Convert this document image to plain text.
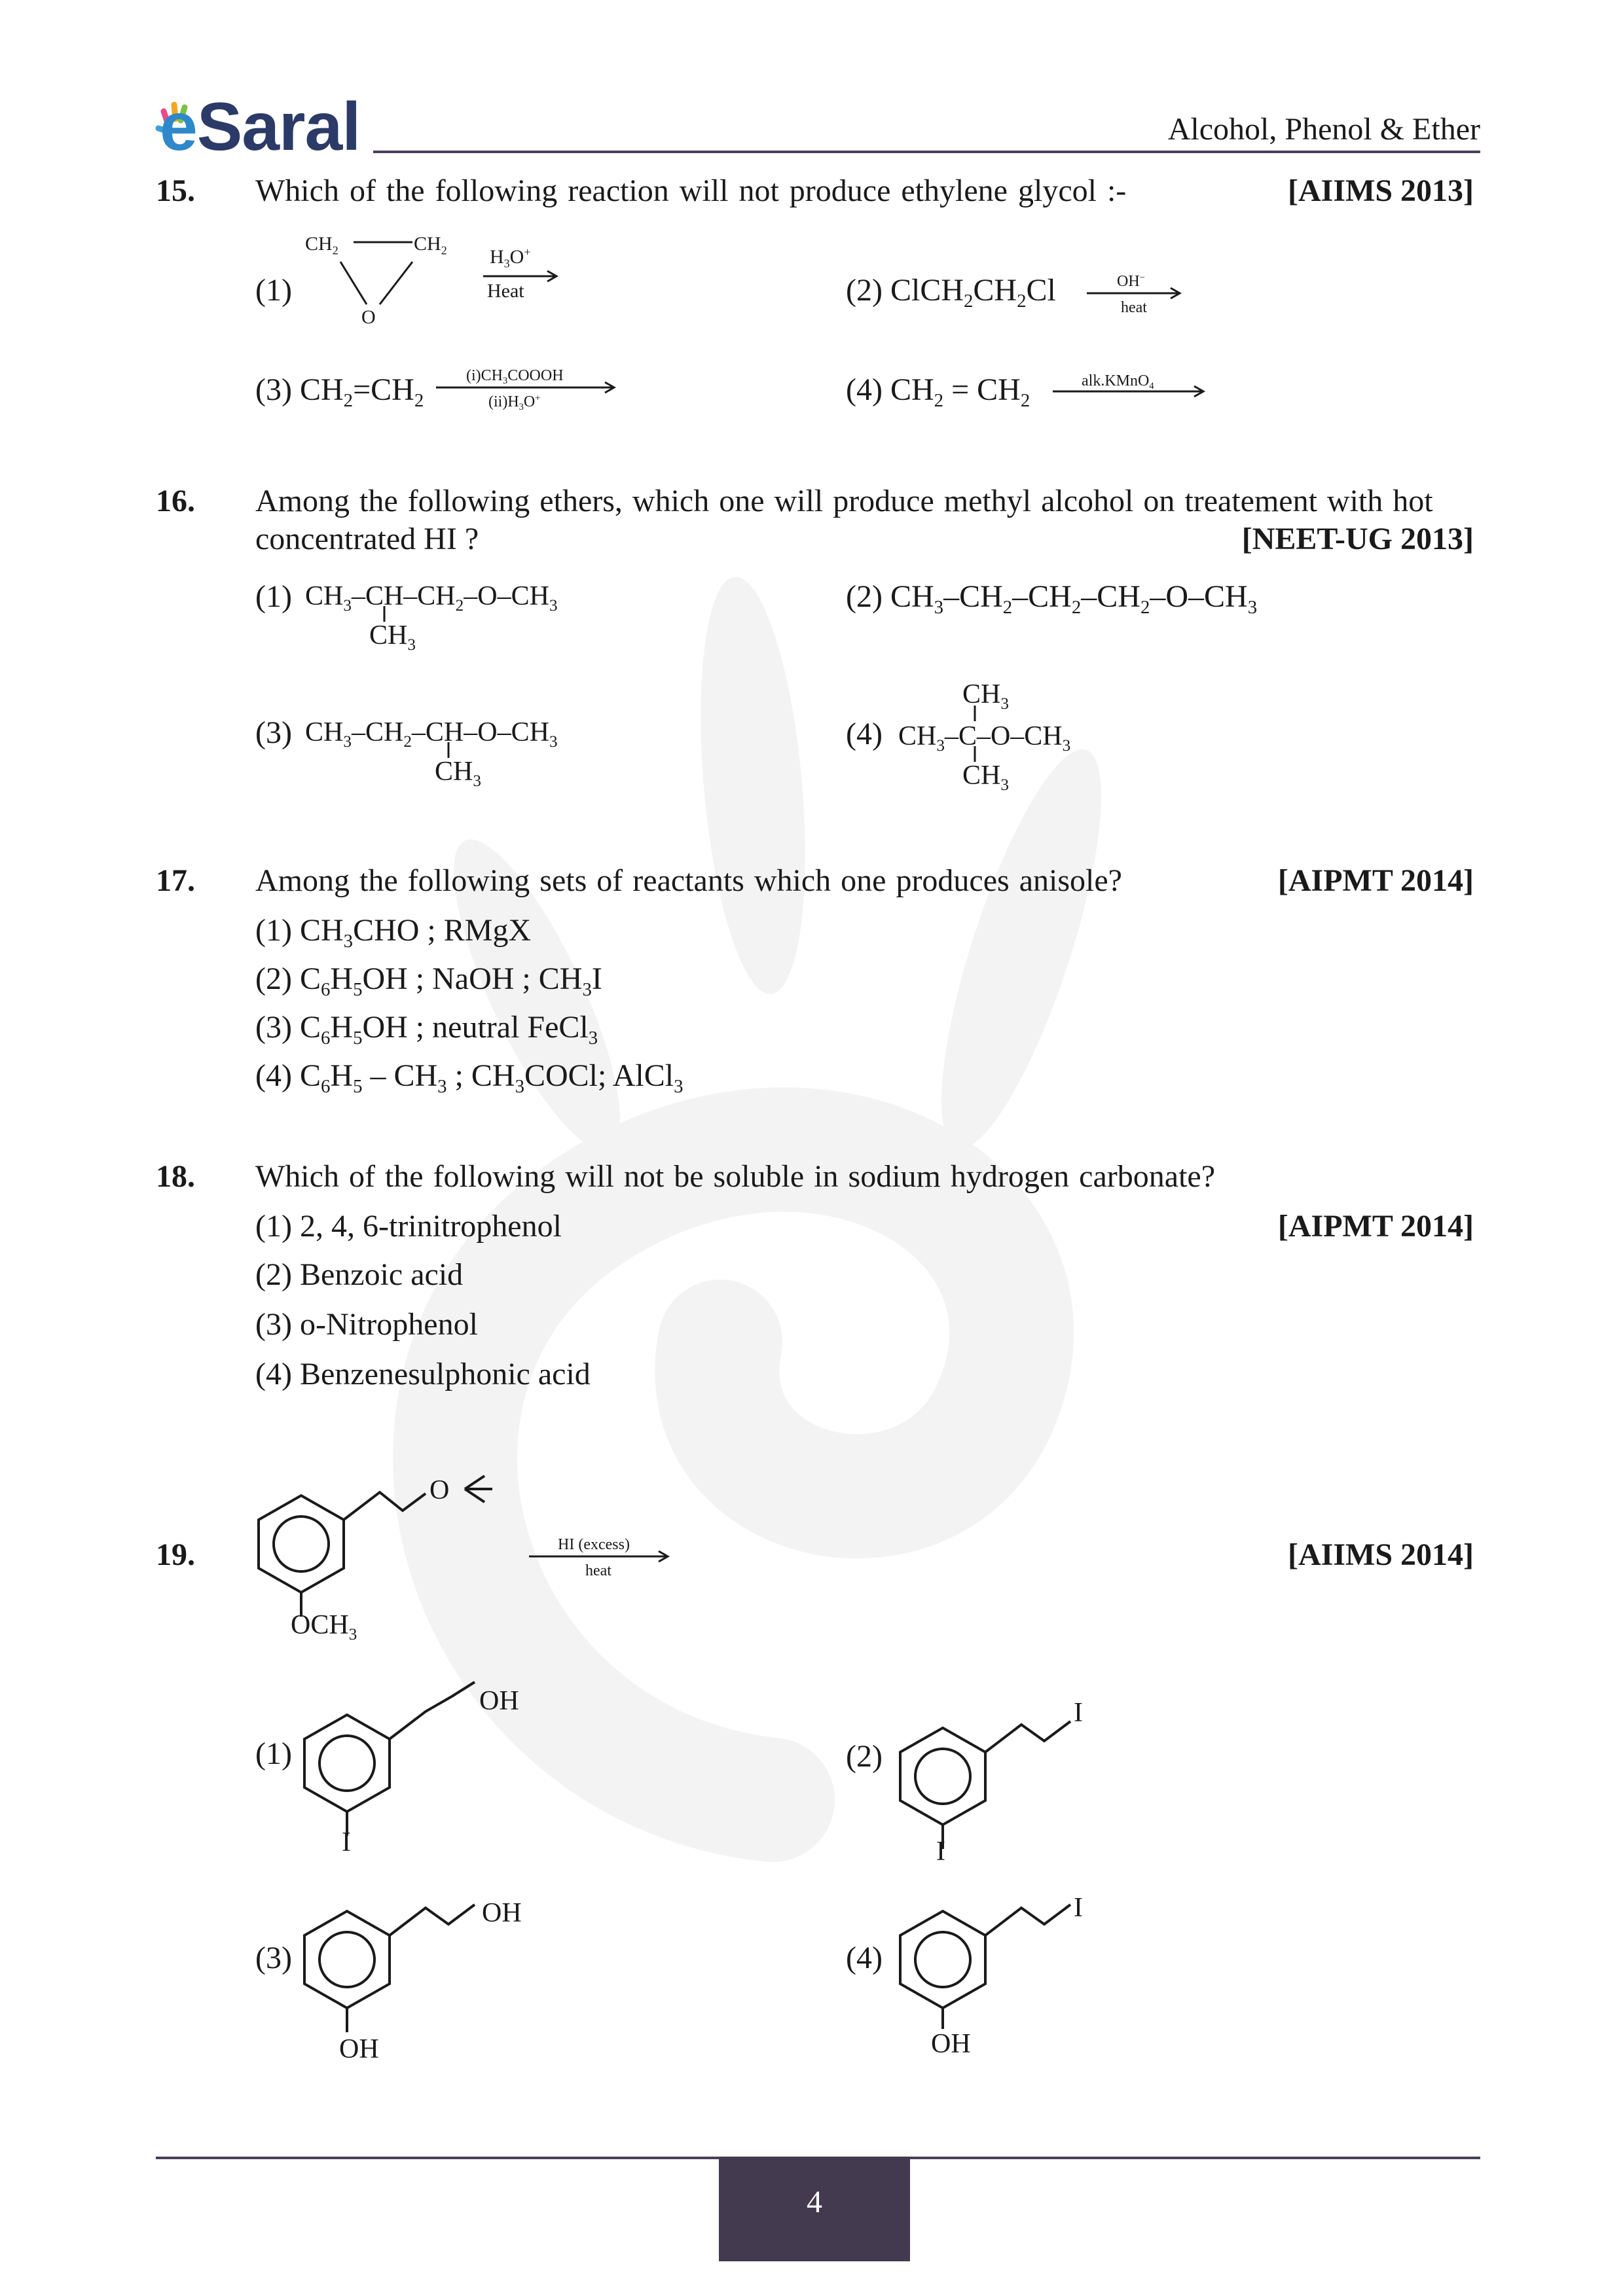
eSaral	Alcohol, Phenol & Ether
15. Which of the following reaction will not produce ethylene glycol :-	[AIIMS 2013]
(1)
$CH_2$	$CH_2$
O
$H_3O^+$
Heat	(2) $ClCH_2CH_2Cl$	OH−
heat
(3) $CH_2=CH_2$
$(i)CH_3COOOH$
$(ii)H_3O^+$	(4) $CH_2 = CH_2$
alk.KMnO$_4$
16. Among the following ethers, which one will produce methyl alcohol on treatement with hot
concentrated HI ?	[NEET-UG 2013]
(1) $CH_3-CH-CH_2-O-CH_3$
$CH_3$
(2) $CH_3-CH_2-CH_2-CH_2-O-CH_3$
(3) $CH_3-CH_2-CH-O-CH_3$
$CH_3$
(4)
$CH_3$
$CH_3-C-O-CH_3$
$CH_3$
17. Among the following sets of reactants which one produces anisole?	[AIPMT 2014]
(1) $CH_3CHO$ ; RMgX
(2) $C_6H_5OH$ ; NaOH ; $CH_3I$
(3) $C_6H_5OH$ ; neutral FeCl$_3$
(4) $C_6H_5 - CH_3$ ; $CH_3COCl$; AlCl$_3$
18. Which of the following will not be soluble in sodium hydrogen carbonate?
(1) 2, 4, 6-trinitrophenol	[AIPMT 2014]
(2) Benzoic acid
(3) o-Nitrophenol
(4) Benzenesulphonic acid
19.	[AIIMS 2014]
O
$OCH_3$
HI (excess)
heat
(1)
OH
I
(2)
I
I
(3)
OH
OH
(4)
I
OH
4
